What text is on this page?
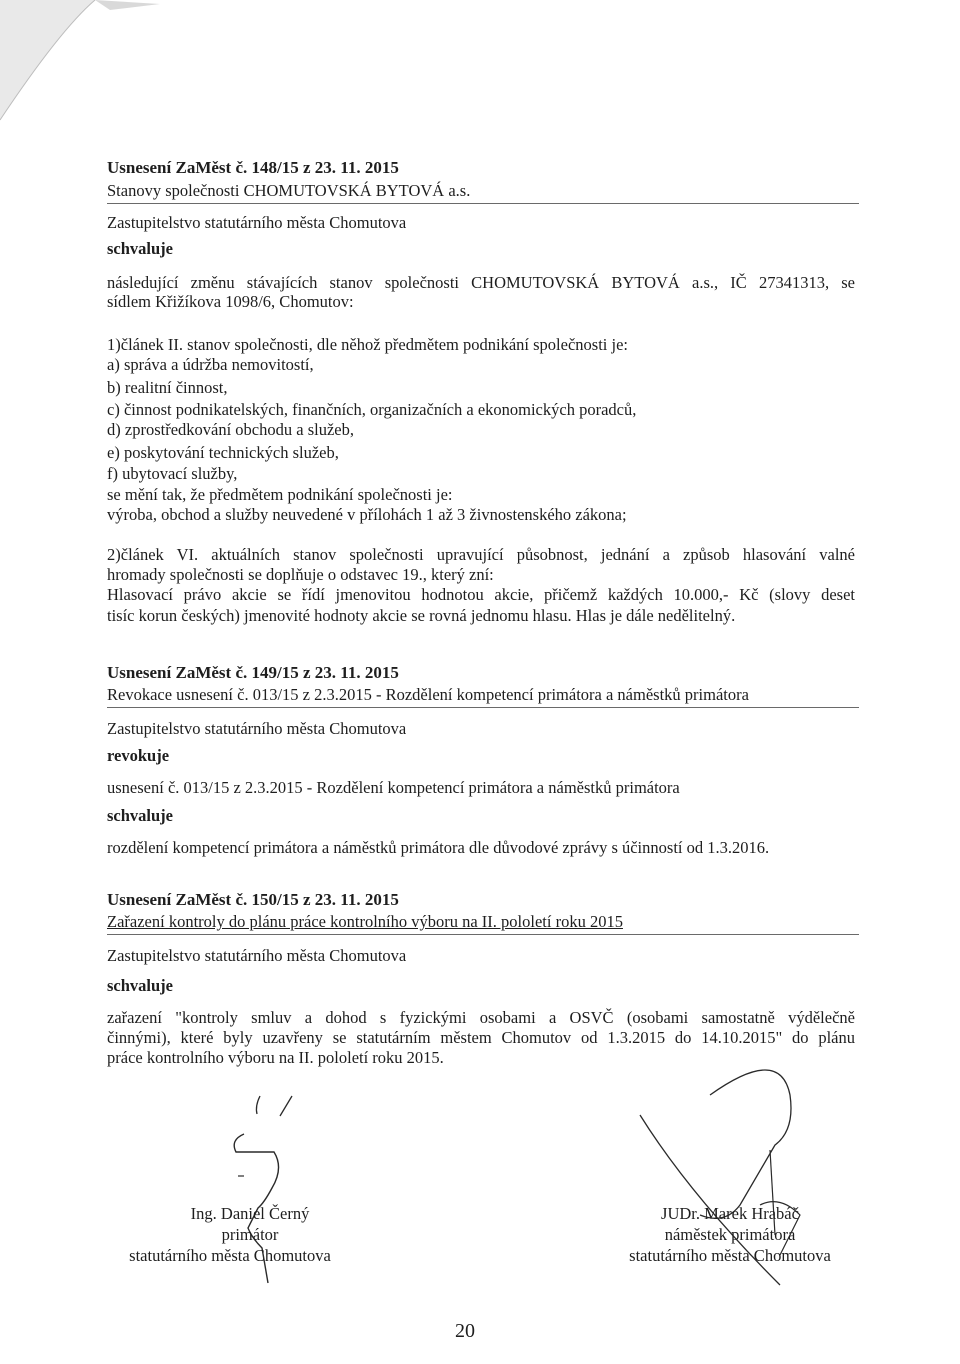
Usnesení ZaMěst č. 148/15 z 23. 11. 2015
Stanovy společnosti CHOMUTOVSKÁ BYTOVÁ a.s.
Zastupitelstvo statutárního města Chomutova
schvaluje
následující změnu stávajících stanov společnosti CHOMUTOVSKÁ BYTOVÁ a.s., IČ 27341313, se
sídlem Křižíkova 1098/6, Chomutov:
1)článek II. stanov společnosti, dle něhož předmětem podnikání společnosti je:
a) správa a údržba nemovitostí,
b) realitní činnost,
c) činnost podnikatelských, finančních, organizačních a ekonomických poradců,
d) zprostředkování obchodu a služeb,
e) poskytování technických služeb,
f) ubytovací služby,
se mění tak, že předmětem podnikání společnosti je:
výroba, obchod a služby neuvedené v přílohách 1 až 3 živnostenského zákona;
2)článek VI. aktuálních stanov společnosti upravující působnost, jednání a způsob hlasování valné
hromady společnosti se doplňuje o odstavec 19., který zní:
Hlasovací právo akcie se řídí jmenovitou hodnotou akcie, přičemž každých 10.000,- Kč (slovy deset
tisíc korun českých) jmenovité hodnoty akcie se rovná jednomu hlasu. Hlas je dále nedělitelný.
Usnesení ZaMěst č. 149/15 z 23. 11. 2015
Revokace usnesení č. 013/15 z 2.3.2015 - Rozdělení kompetencí primátora a náměstků primátora
Zastupitelstvo statutárního města Chomutova
revokuje
usnesení č. 013/15 z 2.3.2015 - Rozdělení kompetencí primátora a náměstků primátora
schvaluje
rozdělení kompetencí primátora a náměstků primátora dle důvodové zprávy s účinností od 1.3.2016.
Usnesení ZaMěst č. 150/15 z 23. 11. 2015
Zařazení kontroly do plánu práce kontrolního výboru na II. pololetí roku 2015
Zastupitelstvo statutárního města Chomutova
schvaluje
zařazení "kontroly smluv a dohod s fyzickými osobami a OSVČ (osobami samostatně výdělečně
činnými), které byly uzavřeny se statutárním městem Chomutov od 1.3.2015 do 14.10.2015" do plánu
práce kontrolního výboru na II. pololetí roku 2015.
Ing. Daniel Černý
primátor
statutárního města Chomutova
JUDr. Marek Hrabáč
náměstek primátora
statutárního města Chomutova
20
